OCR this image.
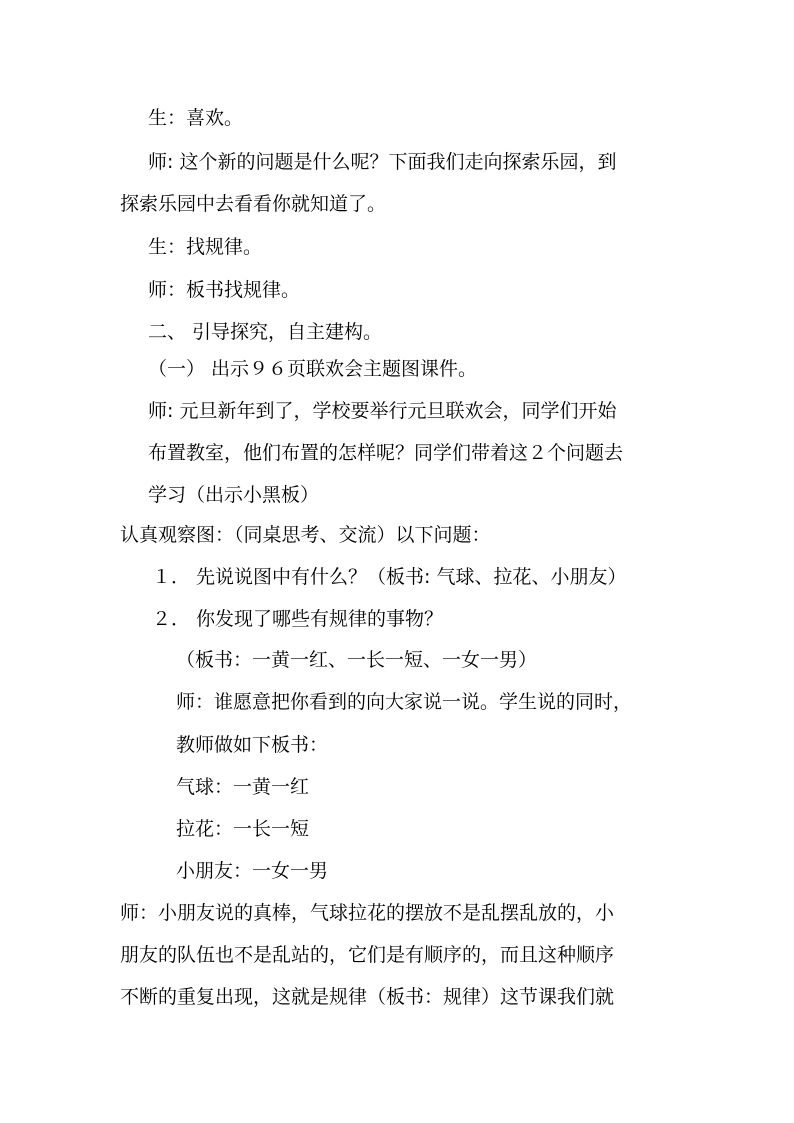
生：喜欢。
师: 这个新的问题是什么呢？下面我们走向探索乐园，到
探索乐园中去看看你就知道了。
生：找规律。
师：板书找规律。
二、 引导探究，自主建构。
（一） 出示９６页联欢会主题图课件。
师: 元旦新年到了，学校要举行元旦联欢会，同学们开始
布置教室，他们布置的怎样呢？同学们带着这２个问题去
学习（出示小黑板）
认真观察图：（同桌思考、交流）以下问题：
１． 先说说图中有什么？（板书: 气球、拉花、小朋友）
２． 你发现了哪些有规律的事物？
（板书：一黄一红、一长一短、一女一男）
师：谁愿意把你看到的向大家说一说。学生说的同时，
教师做如下板书：
气球：一黄一红
拉花：一长一短
小朋友：一女一男
师：小朋友说的真棒，气球拉花的摆放不是乱摆乱放的，小
朋友的队伍也不是乱站的，它们是有顺序的，而且这种顺序
不断的重复出现，这就是规律（板书：规律）这节课我们就
